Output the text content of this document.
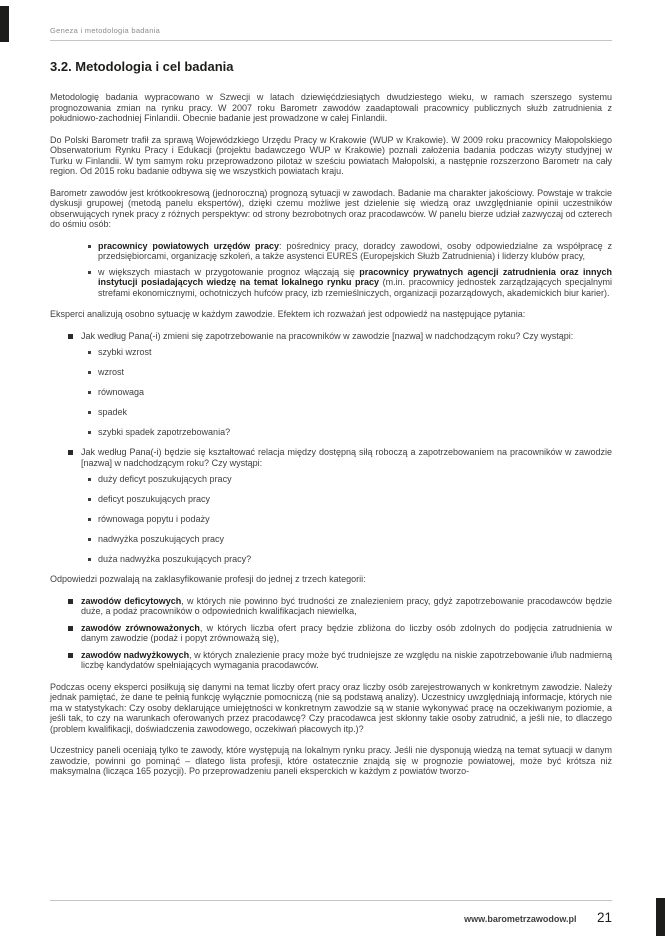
Geneza i metodologia badania
3.2. Metodologia i cel badania

Metodologię badania wypracowano w Szwecji w latach dziewięćdziesiątych dwudziestego wieku, w ramach szerszego systemu prognozowania zmian na rynku pracy. W 2007 roku Barometr zawodów zaadaptowali pracownicy publicznych służb zatrudnienia z południowo-zachodniej Finlandii. Obecnie badanie jest prowadzone w całej Finlandii.

Do Polski Barometr trafił za sprawą Wojewódzkiego Urzędu Pracy w Krakowie (WUP w Krakowie). W 2009 roku pracownicy Małopolskiego Obserwatorium Rynku Pracy i Edukacji (projektu badawczego WUP w Krakowie) poznali założenia badania podczas wizyty studyjnej w Turku w Finlandii. W tym samym roku przeprowadzono pilotaż w sześciu powiatach Małopolski, a następnie rozszerzono Barometr na cały region. Od 2015 roku badanie odbywa się we wszystkich powiatach kraju.

Barometr zawodów jest krótkookresową (jednoroczną) prognozą sytuacji w zawodach. Badanie ma charakter jakościowy. Powstaje w trakcie dyskusji grupowej (metodą panelu ekspertów), dzięki czemu możliwe jest dzielenie się wiedzą oraz uwzględnianie opinii uczestników obserwujących rynek pracy z różnych perspektyw: od strony bezrobotnych oraz pracodawców. W panelu bierze udział zazwyczaj od czterech do ośmiu osób:

pracownicy powiatowych urzędów pracy: pośrednicy pracy, doradcy zawodowi, osoby odpowiedzialne za współpracę z przedsiębiorcami, organizację szkoleń, a także asystenci EURES (Europejskich Służb Zatrudnienia) i liderzy klubów pracy,
w większych miastach w przygotowanie prognoz włączają się pracownicy prywatnych agencji zatrudnienia oraz innych instytucji posiadających wiedzę na temat lokalnego rynku pracy (m.in. pracownicy jednostek zarządzających specjalnymi strefami ekonomicznymi, ochotniczych hufców pracy, izb rzemieślniczych, organizacji pozarządowych, akademickich biur karier).

Eksperci analizują osobno sytuację w każdym zawodzie. Efektem ich rozważań jest odpowiedź na następujące pytania:

Jak według Pana(-i) zmieni się zapotrzebowanie na pracowników w zawodzie [nazwa] w nadchodzącym roku? Czy wystąpi:
szybki wzrost
wzrost
równowaga
spadek
szybki spadek zapotrzebowania?
Jak według Pana(-i) będzie się kształtować relacja między dostępną siłą roboczą a zapotrzebowaniem na pracowników w zawodzie [nazwa] w nadchodzącym roku? Czy wystąpi:
duży deficyt poszukujących pracy
deficyt poszukujących pracy
równowaga popytu i podaży
nadwyżka poszukujących pracy
duża nadwyżka poszukujących pracy?

Odpowiedzi pozwalają na zaklasyfikowanie profesji do jednej z trzech kategorii:

zawodów deficytowych, w których nie powinno być trudności ze znalezieniem pracy, gdyż zapotrzebowanie pracodawców będzie duże, a podaż pracowników o odpowiednich kwalifikacjach niewielka,
zawodów zrównoważonych, w których liczba ofert pracy będzie zbliżona do liczby osób zdolnych do podjęcia zatrudnienia w danym zawodzie (podaż i popyt zrównoważą się),
zawodów nadwyżkowych, w których znalezienie pracy może być trudniejsze ze względu na niskie zapotrzebowanie i/lub nadmierną liczbę kandydatów spełniających wymagania pracodawców.

Podczas oceny eksperci posiłkują się danymi na temat liczby ofert pracy oraz liczby osób zarejestrowanych w konkretnym zawodzie. Należy jednak pamiętać, że dane te pełnią funkcję wyłącznie pomocniczą (nie są podstawą analizy). Uczestnicy uwzględniają informacje, których nie ma w statystykach: Czy osoby deklarujące umiejętności w konkretnym zawodzie są w stanie wykonywać pracę na oczekiwanym poziomie, a jeśli tak, to czy na warunkach oferowanych przez pracodawcę? Czy pracodawca jest skłonny takie osoby zatrudnić, a jeśli nie, to dlaczego (problem kwalifikacji, doświadczenia zawodowego, oczekiwań płacowych itp.)?

Uczestnicy paneli oceniają tylko te zawody, które występują na lokalnym rynku pracy. Jeśli nie dysponują wiedzą na temat sytuacji w danym zawodzie, powinni go pominąć – dlatego lista profesji, które ostatecznie znajdą się w prognozie powiatowej, może być krótsza niż maksymalna (licząca 165 pozycji). Po przeprowadzeniu paneli eksperckich w każdym z powiatów tworzo-

www.barometrzawodow.pl 21
